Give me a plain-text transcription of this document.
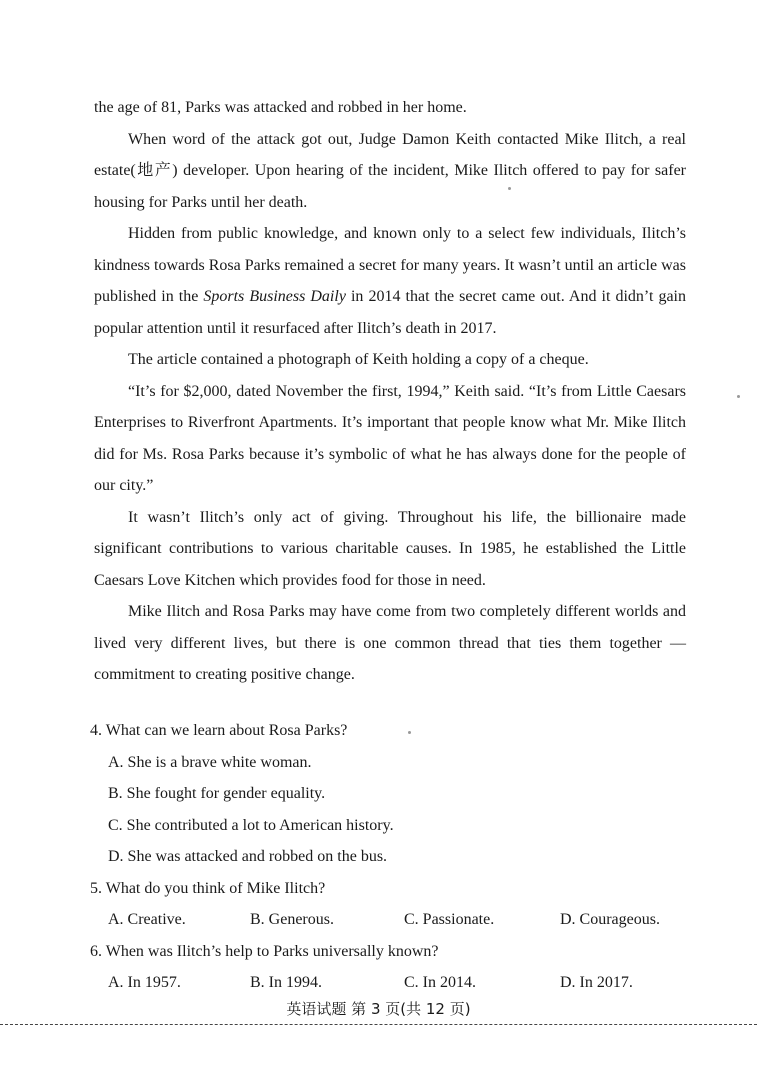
the age of 81, Parks was attacked and robbed in her home.

When word of the attack got out, Judge Damon Keith contacted Mike Ilitch, a real estate(地产) developer. Upon hearing of the incident, Mike Ilitch offered to pay for safer housing for Parks until her death.

Hidden from public knowledge, and known only to a select few individuals, Ilitch’s kindness towards Rosa Parks remained a secret for many years. It wasn’t until an article was published in the Sports Business Daily in 2014 that the secret came out. And it didn’t gain popular attention until it resurfaced after Ilitch’s death in 2017.

The article contained a photograph of Keith holding a copy of a cheque.

“It’s for $2,000, dated November the first, 1994,” Keith said. “It’s from Little Caesars Enterprises to Riverfront Apartments. It’s important that people know what Mr. Mike Ilitch did for Ms. Rosa Parks because it’s symbolic of what he has always done for the people of our city.”

It wasn’t Ilitch’s only act of giving. Throughout his life, the billionaire made significant contributions to various charitable causes. In 1985, he established the Little Caesars Love Kitchen which provides food for those in need.

Mike Ilitch and Rosa Parks may have come from two completely different worlds and lived very different lives, but there is one common thread that ties them together — commitment to creating positive change.

4. What can we learn about Rosa Parks?

A. She is a brave white woman.

B. She fought for gender equality.

C. She contributed a lot to American history.

D. She was attacked and robbed on the bus.

5. What do you think of Mike Ilitch?

A. Creative.	B. Generous.	C. Passionate.	D. Courageous.

6. When was Ilitch’s help to Parks universally known?

A. In 1957.	B. In 1994.	C. In 2014.	D. In 2017.
英语试题 第 3 页(共 12 页)
